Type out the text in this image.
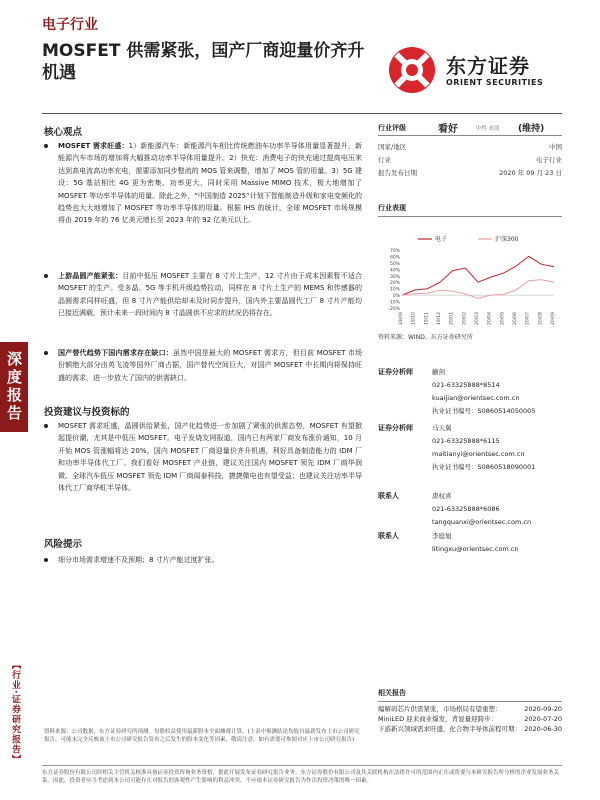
电子行业
MOSFET 供需紧张，国产厂商迎量价齐升机遇	东方证券
ORIENT SECURITIES
深度报告
【行业·证券研究报告】
核心观点
MOSFET 需求旺盛：1）新能源汽车：新能源汽车相比传统燃油车功率半导体用量显著提升，新能源汽车市场的增加将大幅推动功率半导体用量提升。2）快充：消费电子的快充通过提高电压来达到高电流高功率充电，需要添加同步整流的 MOS 管来调整，增加了 MOS 管的用量。3）5G 建设：5G 基站相比 4G 更为密集、功率更大，同时采用 Massive MIMO 技术，极大地增加了 MOSFET 等功率半导体的用量。除此之外，“中国制造 2025”计划下智能制造升级和家电变频化的趋势也大大地增加了 MOSFET 等功率半导体的用量。根据 IHS 的统计，全球 MOSFET 市场规模将由 2019 年的 76 亿美元增长至 2023 年的 92 亿美元以上。
上游晶圆产能紧张：目前中低压 MOSFET 主要在 8 寸片上生产，12 寸片由于成本因素暂不适合 MOSFET 的生产。受多晶、5G 等手机升级趋势拉动，同样在 8 寸片上生产的 MEMS 和传感器的晶圆需求同样旺盛，但 8 寸片产能供给却未及时同步提升，国内外主要晶圆代工厂 8 寸片产能均已接近满载，预计未来一段时间内 8 寸晶圆供不应求的状况仍将存在。
国产替代趋势下国内需求存在缺口：虽然中国是最大的 MOSFET 需求方，但目前 MOSFET 市场份额绝大部分由英飞凌等国外厂商占据，国产替代空间巨大，对国产 MOSFET 中长期内将保持旺盛的需求，进一步放大了国内的供需缺口。
投资建议与投资标的
MOSFET 需求旺盛，晶圆供给紧张，国产化趋势进一步加剧了紧张的供需态势，MOSFET 有望掀起提价潮，尤其是中低压 MOSFET。电子发烧友网报道，国内已有两家厂商发布涨价通知，10 月开始 MOS 管涨幅将达 20%。国内 MOSFET 厂商迎量价齐升机遇，利好具备制造能力的 IDM 厂和功率半导体代工厂。我们看好 MOSFET 产业链，建议关注国内 MOSFET 领先 IDM 厂商华润微、全球汽车低压 MOSFET 领先 IDM 厂商闻泰科技，捷捷微电也有望受益；也建议关注功率半导体代工厂商华虹半导体。
风险提示
细分市场需求增速不及预期；8 寸片产能过度扩张。
行业评级	看好	中性 看淡	(维持)
国家/地区	中国
行业	电子行业
报告发布日期	2020 年 09 月 23 日
行业表现
电子	沪深300
70%
60%
50%
40%
30%
20%
10%
0%
-10%
-20%
19/09 19/10 19/11 19/12 20/01 20/02 20/03 20/04 20/05 20/06 20/07 20/08 20/09
资料来源：WIND、东方证券研究所
证券分析师	蒯剑
021-63325888*8514
kuaijian@orientsec.com.cn
执业证书编号：S0860514050005
证券分析师	马天翼
021-63325888*6115
maitianyi@orientsec.com.cn
执业证书编号：S0860518090001
联系人	唐权喜
021-63325888*6086
tangquanxi@orientsec.com.cn
联系人	李庭旭
litingxu@orientsec.com.cn
相关报告
编解码芯片供需紧张，市场格局有望重塑：	2020-09-20
MiniLED 迎来商业爆发，背显量迎跨步：	2020-07-20
下游新兴领域需求旺盛，化合物半导体前程可期： 2020-06-30
资料来源：公司数据，东方证券研究所预测。每股收益使用最新股本全面摊薄计算。(上表中预测结论均取自最新发布上市公司研究报告，可能未完全反映该上市公司研究报告发布之后发生的股本变化等因素，敬请注意，如有需要可参阅对应上市公司研究报告)
东方证券股份有限公司经相关主管机关核准具备证券投资咨询业务资格，据此开展发布证券研究报告业务。东方证券股份有限公司及其关联机构在法律许可的范围内正在或将要与本研究报告所分析的企业发展业务关系。因此，投资者应当考虑到本公司可能存在对报告的客观性产生影响的利益冲突，不应视本证券研究报告为作出投资决策的唯一因素。
